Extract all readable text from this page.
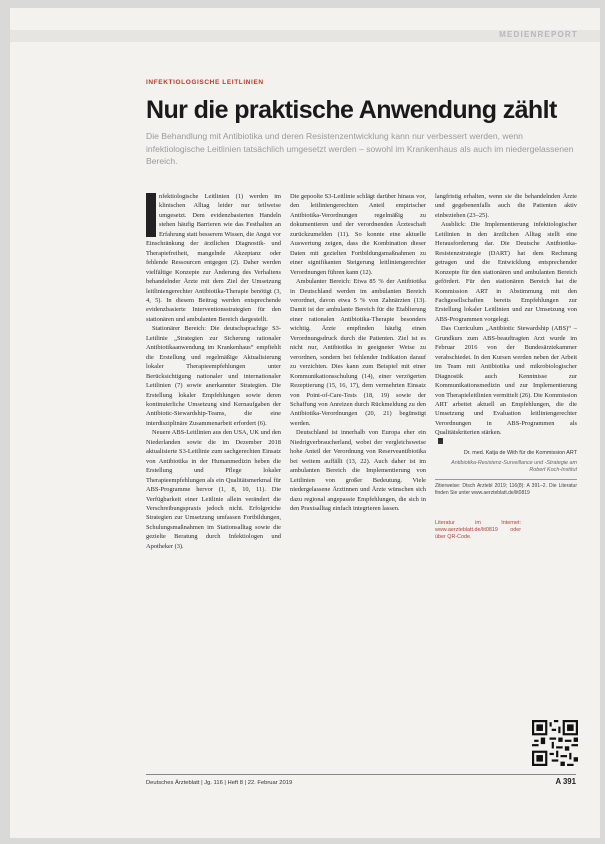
MEDIENREPORT
INFEKTIOLOGISCHE LEITLINIEN
Nur die praktische Anwendung zählt
Die Behandlung mit Antibiotika und deren Resistenzentwicklung kann nur verbessert werden, wenn infektiologische Leitlinien tatsächlich umgesetzt werden – sowohl im Krankenhaus als auch im niedergelassenen Bereich.

nfektiologische Leitlinien (1) werden im klinischen Alltag leider nur teilweise umgesetzt. Dem evidenzbasierten Handeln stehen häufig Barrieren wie das Festhalten an Erfahrung statt besserem Wissen, die Angst vor Einschränkung der ärztlichen Diagnostik- und Therapiefreiheit, mangelnde Akzeptanz oder fehlende Ressourcen entgegen (2). Daher werden vielfältige Konzepte zur Änderung des Verhaltens behandelnder Ärzte mit dem Ziel der Umsetzung leitliniengerechter Antibiotika-Therapie benötigt (3, 4, 5). In diesem Beitrag werden entsprechende evidenzbasierte Interventionsstrategien für den stationären und ambulanten Bereich dargestellt.

Stationärer Bereich: Die deutschsprachige S3-Leitlinie „Strategien zur Sicherung rationaler Antibiotikaanwendung im Krankenhaus“ empfiehlt die Erstellung und regelmäßige Aktualisierung lokaler Therapieempfehlungen unter Berücksichtigung nationaler und internationaler Leitlinien (7) sowie anerkannter Strategien. Die Erstellung lokaler Empfehlungen sowie deren kontinuierliche Umsetzung sind Kernaufgaben der Antibiotic-Stewardship-Teams, die eine interdisziplinäre Zusammenarbeit erfordert (6).

Neuere ABS-Leitlinien aus den USA, UK und den Niederlanden sowie die im Dezember 2018 aktualisierte S3-Leitlinie zum sachgerechten Einsatz von Antibiotika in der Humanmedizin heben die Erstellung und Pflege lokaler Therapieempfehlungen als ein Qualitätsmerkmal für ABS-Programme hervor (1, 8, 10, 11). Die Verfügbarkeit einer Leitlinie allein verändert die Verschreibungspraxis jedoch nicht. Erfolgreiche Strategien zur Umsetzung umfassen Fortbildungen, Schulungsmaßnahmen im Stationsalltag sowie die gezielte Beratung durch Infektiologen und Apotheker (3).

Die gepoolte S3-Leitlinie schlägt darüber hinaus vor, den leitliniengerechten Anteil empirischer Antibiotika-Verordnungen regelmäßig zu dokumentieren und der verordnenden Ärzteschaft zurückzumelden (11). So konnte eine aktuelle Auswertung zeigen, dass die Kombination dieser Daten mit gezielten Fortbildungsmaßnahmen zu einer signifikanten Steigerung leitliniengerechter Verordnungen führen kann (12).

Ambulanter Bereich: Etwa 85 % der Antibiotika in Deutschland werden im ambulanten Bereich verordnet, davon etwa 5 % von Zahnärzten (13). Damit ist der ambulante Bereich für die Etablierung einer rationalen Antibiotika-Therapie besonders wichtig. Ärzte empfinden häufig einen Verordnungsdruck durch die Patienten. Ziel ist es nicht nur, Antibiotika in geeigneter Weise zu verordnen, sondern bei fehlender Indikation darauf zu verzichten. Dies kann zum Beispiel mit einer Kommunikationsschulung (14), einer verzögerten Rezeptierung (15, 16, 17), dem vermehrten Einsatz von Point-of-Care-Tests (18, 19) sowie der Schaffung von Anreizen durch Rückmeldung zu den Antibiotika-Verordnungen (20, 21) begünstigt werden.

Deutschland ist innerhalb von Europa eher ein Niedrigverbraucherland, wobei der vergleichsweise hohe Anteil der Verordnung von Reserveantibiotika bei weitem auffällt (13, 22). Auch daher ist im ambulanten Bereich die Implementierung von Leitlinien von großer Bedeutung. Viele niedergelassene Ärztinnen und Ärzte wünschen sich dazu regional angepasste Empfehlungen, die sich in den Praxisalltag einfach integrieren lassen.

langfristig erhalten, wenn sie die behandelnden Ärzte und gegebenenfalls auch die Patienten aktiv einbeziehen (23–25).

Ausblick: Die Implementierung infektiologischer Leitlinien in den ärztlichen Alltag stellt eine Herausforderung dar. Die Deutsche Antibiotika-Resistenzstrategie (DART) hat dem Rechnung getragen und die Entwicklung entsprechender Konzepte für den stationären und ambulanten Bereich gefördert. Für den stationären Bereich hat die Kommission ART in Abstimmung mit den Fachgesellschaften bereits Empfehlungen zur Erstellung lokaler Leitlinien und zur Umsetzung von ABS-Programmen vorgelegt.

Das Curriculum „Antibiotic Stewardship (ABS)“ – Grundkurs zum ABS-beauftragten Arzt wurde im Februar 2016 von der Bundesärztekammer verabschiedet. In den Kursen werden neben der Arbeit im Team mit Antibiotika und mikrobiologischer Diagnostik auch Kenntnisse zur Kommunikationsmedizin und zur Implementierung von Therapieleitlinien vermittelt (26). Die Kommission ART arbeitet aktuell an Empfehlungen, die die Umsetzung und Evaluation leitliniengerechter Verordnungen in ABS-Programmen als Qualitätskriterien stärken.

Dr. med. Katja de With für die Kommission ART
Antibiotika-Resistenz-Surveillance und -Strategie am Robert Koch-Institut
Zitierweise: Dtsch Arztebl 2019; 116(8): A 391–2. Die Literatur finden Sie unter www.aerzteblatt.de/lit0819
Literatur im Internet: www.aerzteblatt.de/lit0819 oder über QR-Code.
Deutsches Ärzteblatt | Jg. 116 | Heft 8 | 22. Februar 2019	A 391
